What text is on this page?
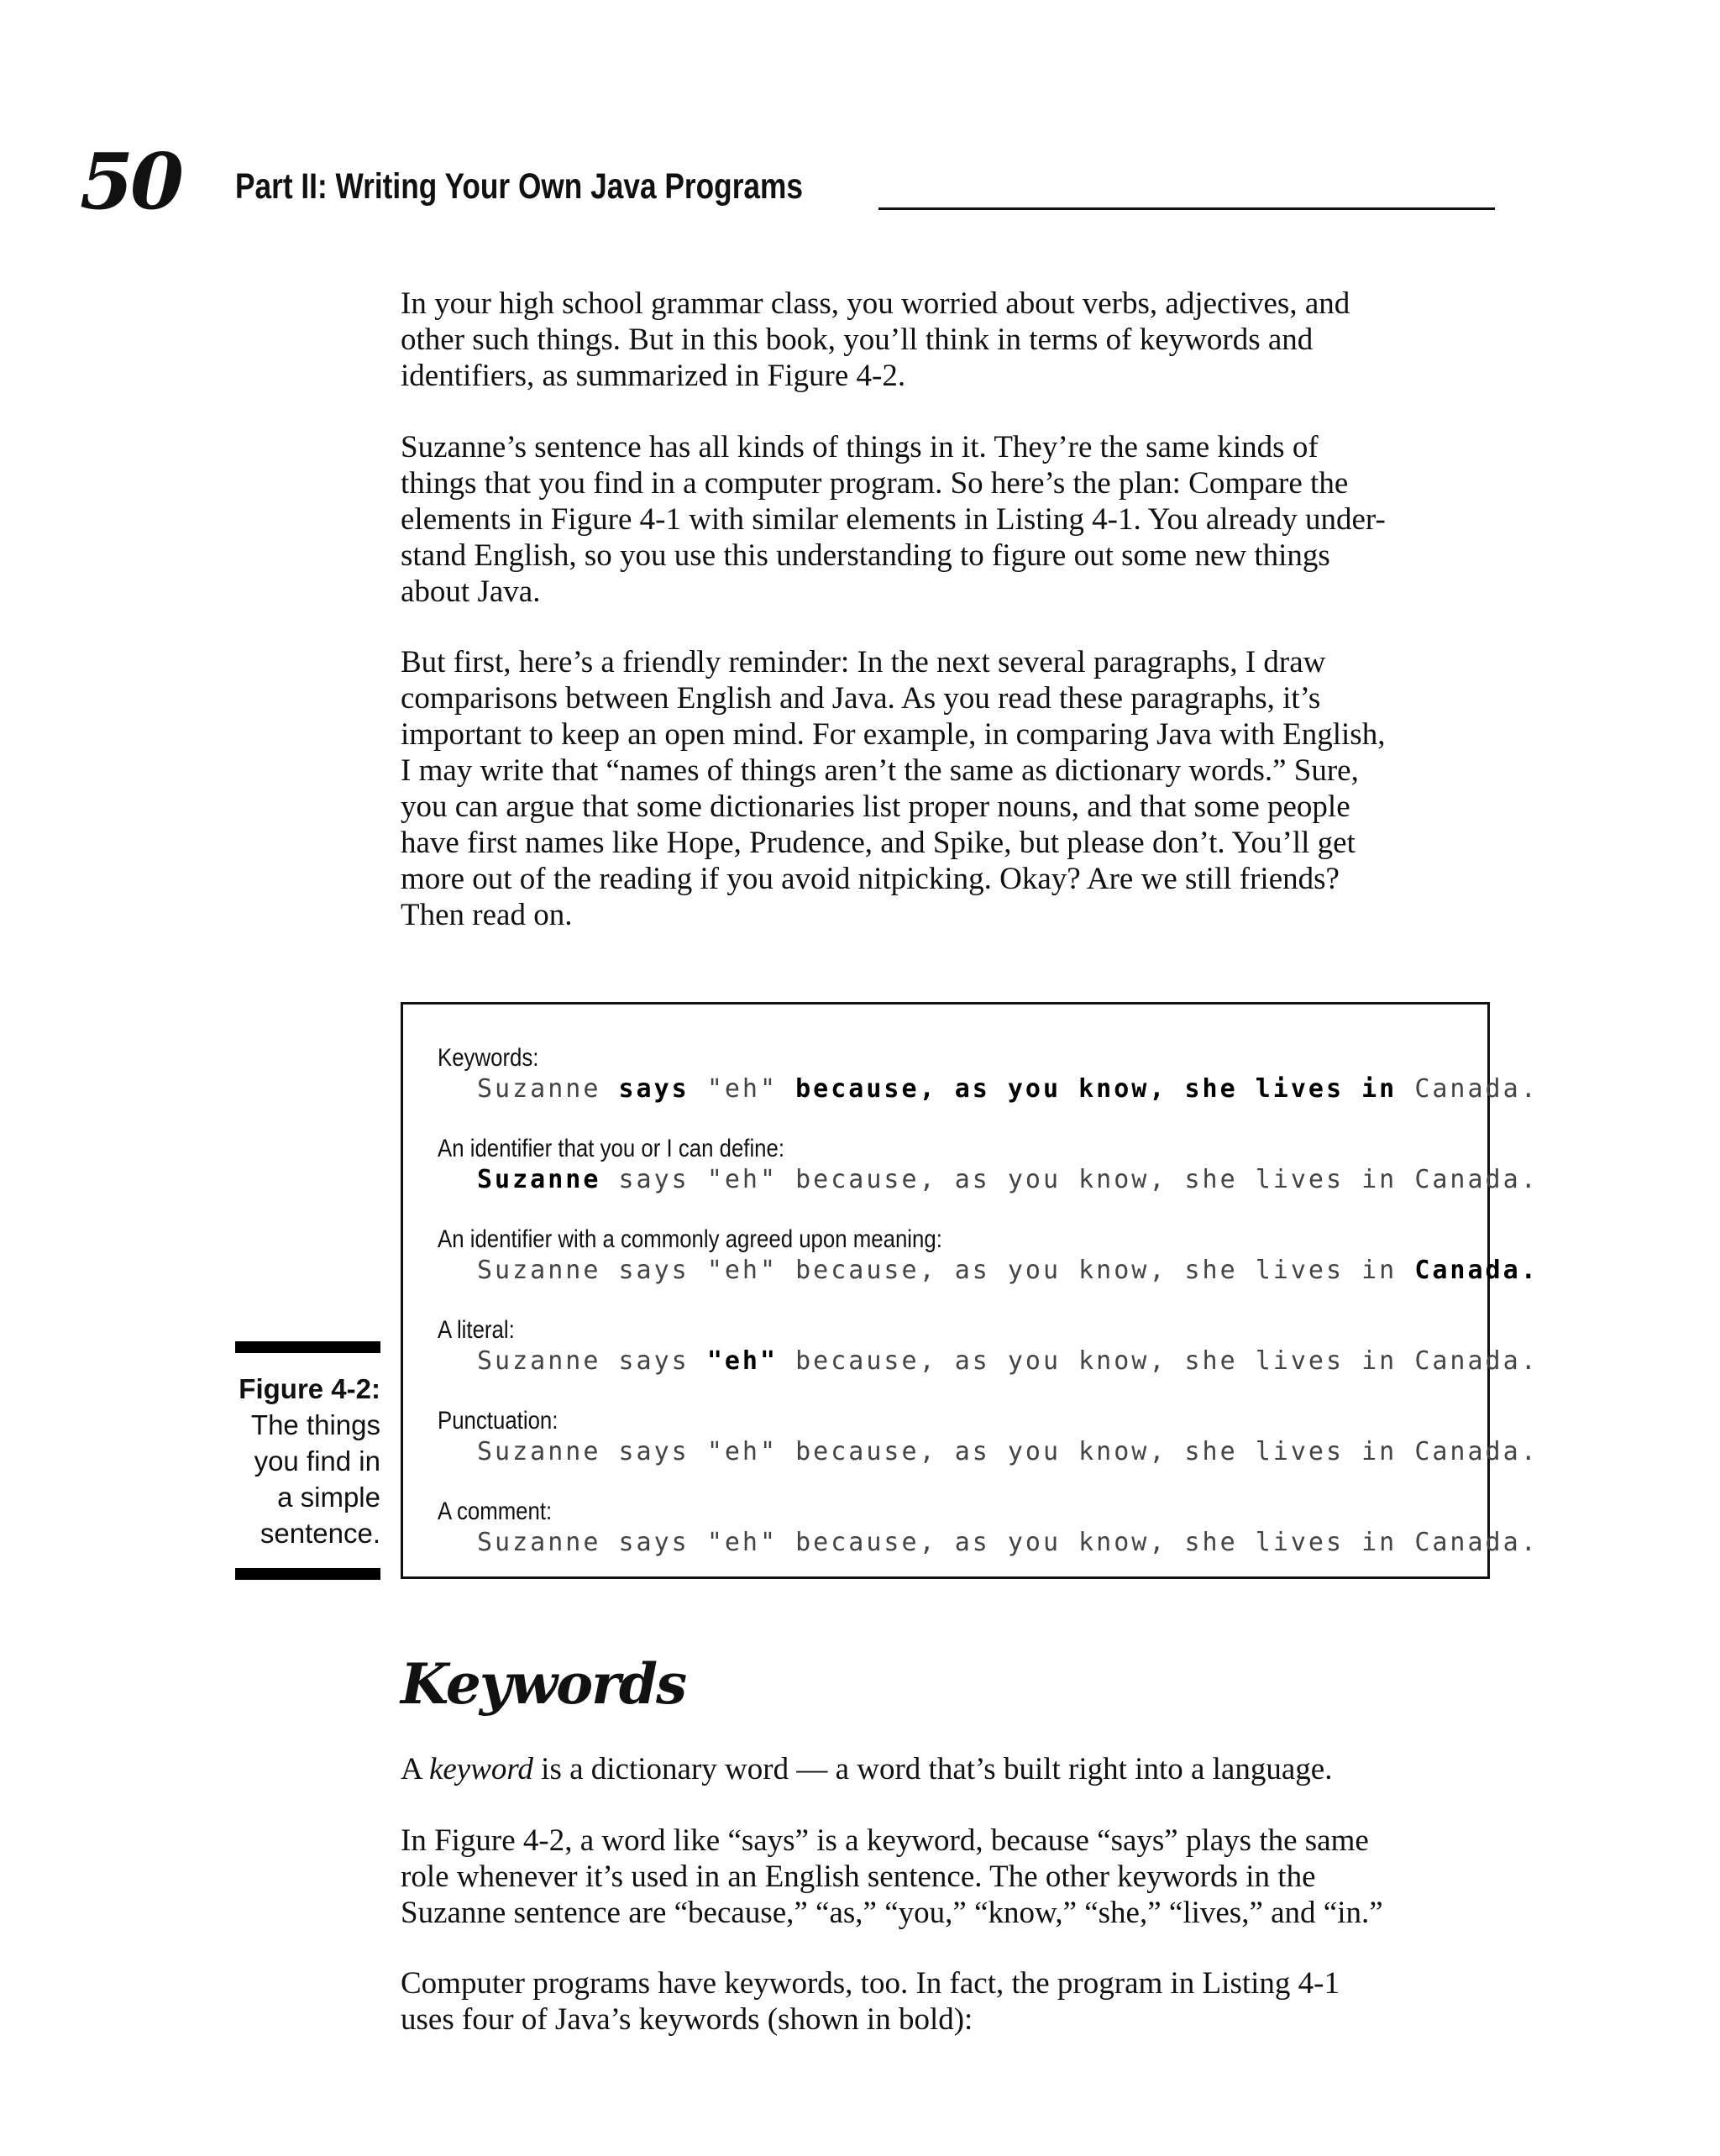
50 Part II: Writing Your Own Java Programs

In your high school grammar class, you worried about verbs, adjectives, and
other such things. But in this book, you’ll think in terms of keywords and
identifiers, as summarized in Figure 4-2.

Suzanne’s sentence has all kinds of things in it. They’re the same kinds of
things that you find in a computer program. So here’s the plan: Compare the
elements in Figure 4-1 with similar elements in Listing 4-1. You already under-
stand English, so you use this understanding to figure out some new things
about Java.

But first, here’s a friendly reminder: In the next several paragraphs, I draw
comparisons between English and Java. As you read these paragraphs, it’s
important to keep an open mind. For example, in comparing Java with English,
I may write that “names of things aren’t the same as dictionary words.” Sure,
you can argue that some dictionaries list proper nouns, and that some people
have first names like Hope, Prudence, and Spike, but please don’t. You’ll get
more out of the reading if you avoid nitpicking. Okay? Are we still friends?
Then read on.

Figure 4-2:
The things
you find in
a simple
sentence.
Keywords:
Suzanne says "eh" because, as you know, she lives in Canada.
An identifier that you or I can define:
Suzanne says "eh" because, as you know, she lives in Canada.
An identifier with a commonly agreed upon meaning:
Suzanne says "eh" because, as you know, she lives in Canada.
A literal:
Suzanne says "eh" because, as you know, she lives in Canada.
Punctuation:
Suzanne says "eh" because, as you know, she lives in Canada.
A comment:
Suzanne says "eh" because, as you know, she lives in Canada.
Keywords

A keyword is a dictionary word — a word that’s built right into a language.

In Figure 4-2, a word like “says” is a keyword, because “says” plays the same
role whenever it’s used in an English sentence. The other keywords in the
Suzanne sentence are “because,” “as,” “you,” “know,” “she,” “lives,” and “in.”

Computer programs have keywords, too. In fact, the program in Listing 4-1
uses four of Java’s keywords (shown in bold):
